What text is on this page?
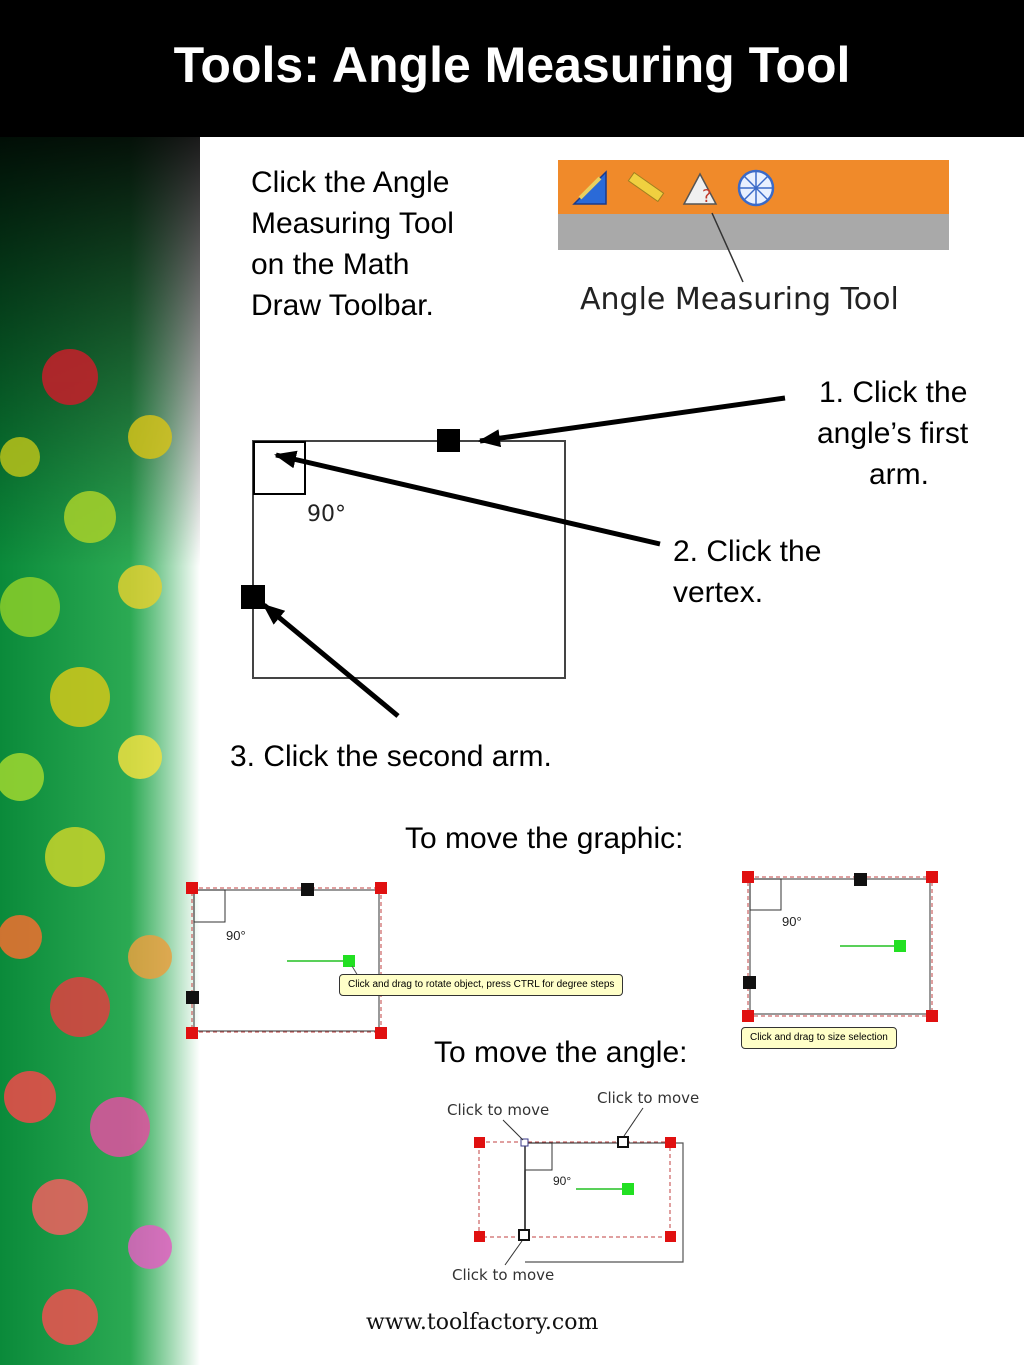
Tools: Angle Measuring Tool
Click the Angle
Measuring Tool
on the Math
Draw Toolbar.
?
Angle Measuring Tool
1. Click the
angle’s first
arm.
2. Click the
vertex.
3. Click the second arm.
90°
To move the graphic:
90°
90°
Click and drag to rotate object, press CTRL for degree steps
Click and drag to size selection
To move the angle:
90°
Click to move
Click to move
Click to move
www.toolfactory.com
